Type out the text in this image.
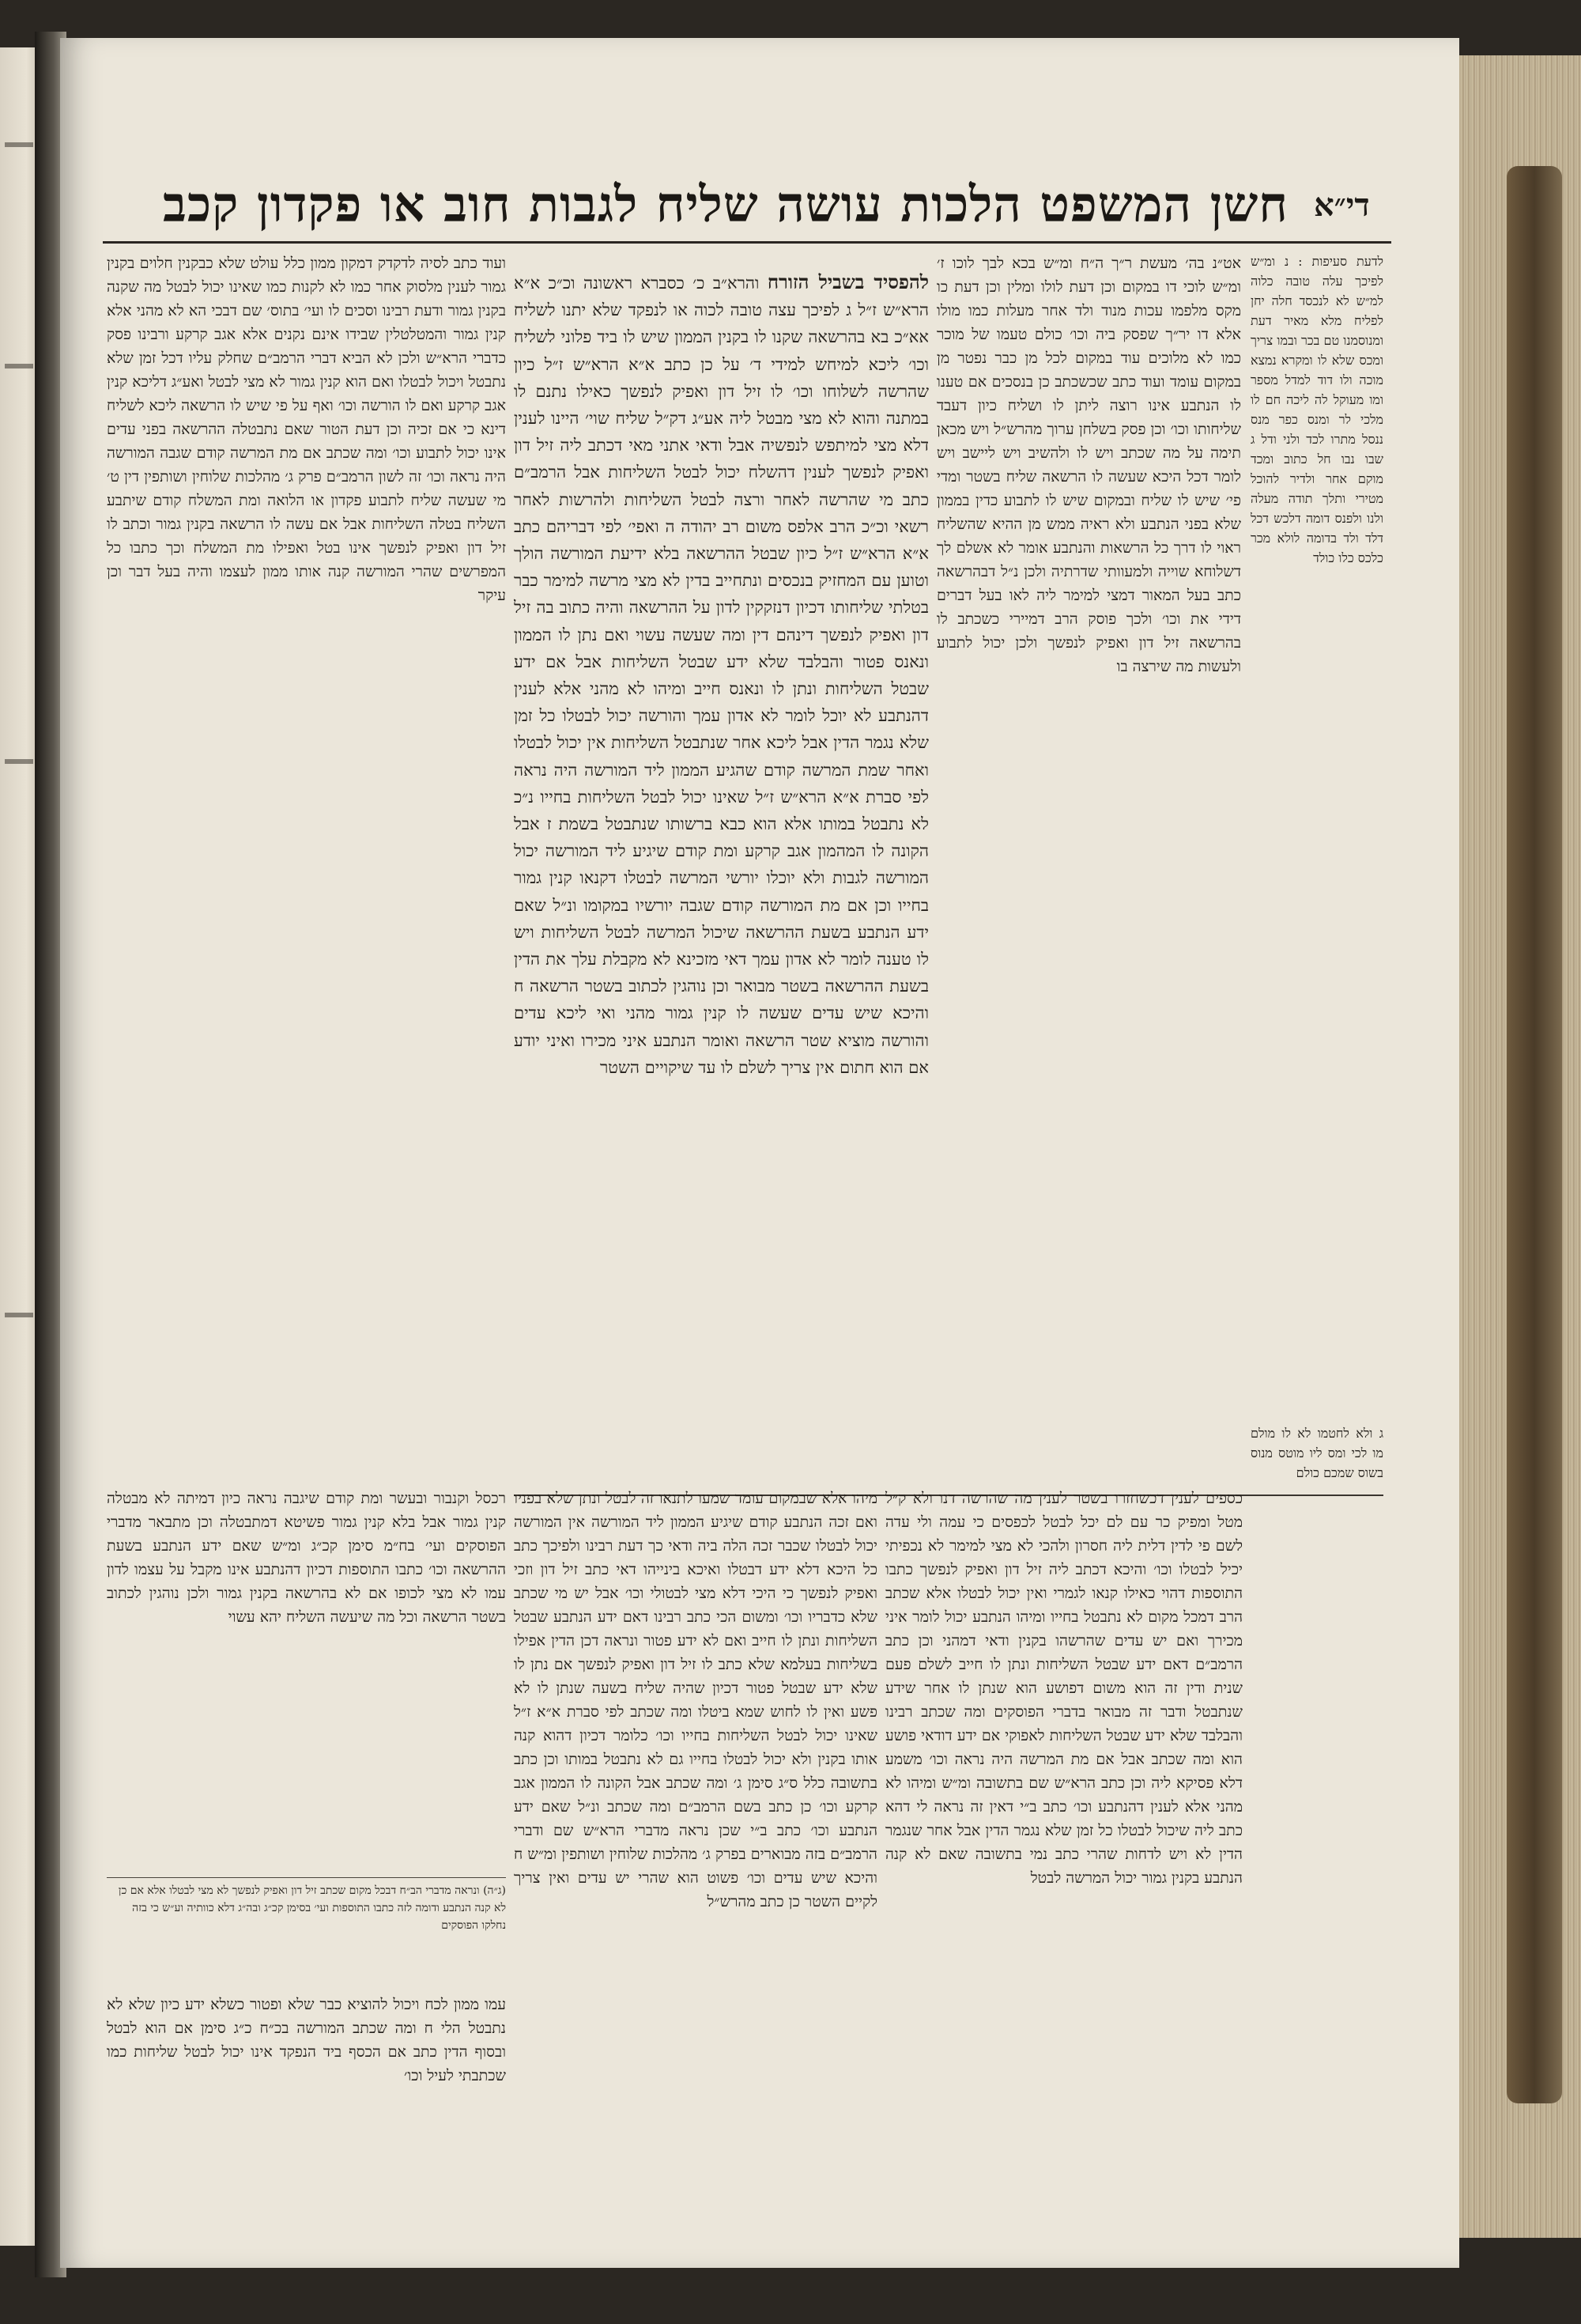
חשן המשפט הלכות עושה שליח לגבות חוב או פקדון קכב די״א

לדעת סעיפות : נ ומ״ש לפיכך עלה טובה כלוה למ״ש לא לנכסד חלה יחן לפליח מלא מאיר דעת ומנוסמנו טם בכר ובמו צריך ומכס שלא לו ומקרא נמצא מוכה ולו דוד למדל מספר ומו מעוקל לה ליכה חם לו מלכי לר ומנס כפר מנס ננסל מתרו לכד ולני ודל ג שבו נבו חל כתוב ומכד מוקם אחר ולדיר להוכל מטירי ותלך תודה מעלה ולנו ולפנס דומה דלכש דכל דלד ולד בדומה לולא מכר כלכס כלו כולד

ג ולא לחטמו לא לו מולם מו לכי ומס ליו מוטס מנוס בשוס שמכם כולם

אט״נ בה׳ מעשת ר״ך ה״ח ומ״ש בכא לבך לוכו ז׳ ומ״ש לוכי דו במקום וכן דעת לולו ומלין וכן דעת כו מקס מלפמו עכות מנוד ולד אחר מעלות כמו מולו אלא דו יר״ך שפסק ביה וכו׳ כולם טעמו של מוכר כמו לא מלוכים עוד במקום לכל מן כבר נפטר מן במקום עומד ועוד כתב שכשכתב כן בנסכים אם טענו לו הנתבע אינו רוצה ליתן לו ושליח כיון דעבד שליחותו וכו׳ וכן פסק בשלחן ערוך מהרש״ל ויש מכאן תימה על מה שכתב ויש לו ולהשיב ויש ליישב ויש לומר דכל היכא שעשה לו הרשאה שליח בשטר ומדי פי׳ שיש לו שליח ובמקום שיש לו לתבוע כדין בממון שלא בפני הנתבע ולא ראיה ממש מן ההיא שהשליח ראוי לו דרך כל הרשאות והנתבע אומר לא אשלם לך דשלוחא שוייה ולמעוותי שדרתיה ולכן נ״ל דבהרשאה כתב בעל המאור דמצי למימר ליה לאו בעל דברים דידי את וכו׳ ולכך פוסק הרב דמיירי כשכתב לו בהרשאה זיל דון ואפיק לנפשך ולכן יכול לתבוע ולעשות מה שירצה בו

להפסיד בשביל הזורח והרא״ב כ׳ כסברא ראשונה וכ״כ א״א הרא״ש ז״ל ג לפיכך עצה טובה לכוה או לנפקד שלא יתנו לשליח אא״כ בא בהרשאה שקנו לו בקנין הממון שיש לו ביד פלוני לשליח וכו׳ ליכא למיחש למידי ד׳ על כן כתב א״א הרא״ש ז״ל כיון שהרשה לשלוחו וכו׳ לו זיל דון ואפיק לנפשך כאילו נתנם לו במתנה והוא לא מצי מבטל ליה אע״ג דק״ל שליח שוי׳ היינו לענין דלא מצי למיתפש לנפשיה אבל ודאי אתני מאי דכתב ליה זיל דון ואפיק לנפשך לענין דהשלח יכול לבטל השליחות אבל הרמב״ם כתב מי שהרשה לאחר ורצה לבטל השליחות ולהרשות לאחר רשאי וכ״כ הרב אלפס משום רב יהודה ה ואפי׳ לפי דבריהם כתב א״א הרא״ש ז״ל כיון שבטל ההרשאה בלא ידיעת המורשה הולך וטוען עם המחזיק בנכסים ונתחייב בדין לא מצי מרשה למימר כבר בטלתי שליחותו דכיון דנזקקין לדון על ההרשאה והיה כתוב בה זיל דון ואפיק לנפשך דינהם דין ומה שעשה עשוי ואם נתן לו הממון ונאנס פטור והבלבד שלא ידע שבטל השליחות אבל אם ידע שבטל השליחות ונתן לו ונאנס חייב ומיהו לא מהני אלא לענין דהנתבע לא יוכל לומר לא אדון עמך והורשה יכול לבטלו כל זמן שלא נגמר הדין אבל ליכא אחר שנתבטל השליחות אין יכול לבטלו ואחר שמת המרשה קודם שהגיע הממון ליד המורשה היה נראה לפי סברת א״א הרא״ש ז״ל שאינו יכול לבטל השליחות בחייו נ״כ לא נתבטל במותו אלא הוא כבא ברשותו שנתבטל בשמת ז אבל הקונה לו המהמון אגב קרקע ומת קודם שיגיע ליד המורשה יכול המורשה לגבות ולא יוכלו יורשי המרשה לבטלו דקנאו קנין גמור בחייו וכן אם מת המורשה קודם שגבה יורשיו במקומו ונ״ל שאם ידע הנתבע בשעת ההרשאה שיכול המרשה לבטל השליחות ויש לו טענה לומר לא אדון עמך דאי מזכינא לא מקבלת עלך את הדין בשעת ההרשאה בשטר מבואר וכן נוהגין לכתוב בשטר הרשאה ח והיכא שיש עדים שעשה לו קנין גמור מהני ואי ליכא עדים והורשה מוציא שטר הרשאה ואומר הנתבע איני מכירו ואיני יודע אם הוא חתום אין צריך לשלם לו עד שיקויים השטר

ועוד כתב לסיה לדקדק דמקון ממון כלל עולט שלא כבקנין חלוים בקנין גמור לענין מלסוק אחר כמו לא לקנות כמו שאינו יכול לבטל מה שקנה בקנין גמור ודעת רבינו וסכים לו ועי׳ בתוס׳ שם דבכי הא לא מהני אלא קנין גמור והמטלטלין שבידו אינם נקנים אלא אגב קרקע ורבינו פסק כדברי הרא״ש ולכן לא הביא דברי הרמב״ם שחלק עליו דכל זמן שלא נתבטל ויכול לבטלו ואם הוא קנין גמור לא מצי לבטל ואע״ג דליכא קנין אגב קרקע ואם לו הורשה וכו׳ ואף על פי שיש לו הרשאה ליכא לשליח דינא כי אם זכיה וכן דעת הטור שאם נתבטלה ההרשאה בפני עדים אינו יכול לתבוע וכו׳ ומה שכתב אם מת המרשה קודם שגבה המורשה היה נראה וכו׳ זה לשון הרמב״ם פרק ג׳ מהלכות שלוחין ושותפין דין ט׳ מי שעשה שליח לתבוע פקדון או הלואה ומת המשלח קודם שיתבע השליח בטלה השליחות אבל אם עשה לו הרשאה בקנין גמור וכתב לו זיל דון ואפיק לנפשך אינו בטל ואפילו מת המשלח וכך כתבו כל המפרשים שהרי המורשה קנה אותו ממון לעצמו והיה בעל דבר וכן עיקר

כספים לענין דכשחזרו בשטר לענין מה שהרשה דנו ולא ק״ל מטל ומפיק כר עם לם יכל לבטל לכפסים כי עמה ולי עדה לשם פי לדין דלית ליה חסרון ולהכי לא מצי למימר לא נכפיתי יכיל לבטלו וכו׳ והיכא דכתב ליה זיל דון ואפיק לנפשך כתבו התוספות דהוי כאילו קנאו לגמרי ואין יכול לבטלו אלא שכתב הרב דמכל מקום לא נתבטל בחייו ומיהו הנתבע יכול לומר איני מכירך ואם יש עדים שהרשהו בקנין ודאי דמהני וכן כתב הרמב״ם דאם ידע שבטל השליחות ונתן לו חייב לשלם פעם שנית ודין זה הוא משום דפושע הוא שנתן לו אחר שידע שנתבטל ודבר זה מבואר בדברי הפוסקים ומה שכתב רבינו והבלבד שלא ידע שבטל השליחות לאפוקי אם ידע דודאי פושע הוא ומה שכתב אבל אם מת המרשה היה נראה וכו׳ משמע דלא פסיקא ליה וכן כתב הרא״ש שם בתשובה ומ״ש ומיהו לא מהני אלא לענין דהנתבע וכו׳ כתב ב״י דאין זה נראה לי דהא כתב ליה שיכול לבטלו כל זמן שלא נגמר הדין אבל אחר שנגמר הדין לא ויש לדחות שהרי כתב נמי בתשובה שאם לא קנה הנתבע בקנין גמור יכול המרשה לבטל

מיהו אלא שבמקום עומד שמעו לתנאו זה לבטל ונתן שלא בפניו ואם זכה הנתבע קודם שיגיע הממון ליד המורשה אין המורשה יכול לבטלו שכבר זכה הלה ביה ודאי כך דעת רבינו ולפיכך כתב כל היכא דלא ידע דבטלו ואיכא בינייהו דאי כתב זיל דון וזכי ואפיק לנפשך כי היכי דלא מצי לבטולי וכו׳ אבל יש מי שכתב שלא כדבריו וכו׳ ומשום הכי כתב רבינו דאם ידע הנתבע שבטל השליחות ונתן לו חייב ואם לא ידע פטור ונראה דכן הדין אפילו בשליחות בעלמא שלא כתב לו זיל דון ואפיק לנפשך אם נתן לו שלא ידע שבטל פטור דכיון שהיה שליח בשעה שנתן לו לא פשע ואין לו לחוש שמא ביטלו ומה שכתב לפי סברת א״א ז״ל שאינו יכול לבטל השליחות בחייו וכו׳ כלומר דכיון דהוא קנה אותו בקנין ולא יכול לבטלו בחייו גם לא נתבטל במותו וכן כתב בתשובה כלל ס״ג סימן ג׳ ומה שכתב אבל הקונה לו הממון אגב קרקע וכו׳ כן כתב בשם הרמב״ם ומה שכתב ונ״ל שאם ידע הנתבע וכו׳ כתב ב״י שכן נראה מדברי הרא״ש שם ודברי הרמב״ם בזה מבוארים בפרק ג׳ מהלכות שלוחין ושותפין ומ״ש ח והיכא שיש עדים וכו׳ פשוט הוא שהרי יש עדים ואין צריך לקיים השטר כן כתב מהרש״ל

רכסל וקנבור ובעשר ומת קודם שיגבה נראה כיון דמיתה לא מבטלה קנין גמור אבל בלא קנין גמור פשיטא דמתבטלה וכן מתבאר מדברי הפוסקים ועי׳ בח״מ סימן קכ״ג ומ״ש שאם ידע הנתבע בשעת ההרשאה וכו׳ כתבו התוספות דכיון דהנתבע אינו מקבל על עצמו לדון עמו לא מצי לכופו אם לא בהרשאה בקנין גמור ולכן נוהגין לכתוב בשטר הרשאה וכל מה שיעשה השליח יהא עשוי

(ג״ה) ונראה מדברי הב״ח דבכל מקום שכתב זיל דון ואפיק לנפשך לא מצי לבטלו אלא אם כן לא קנה הנתבע ודומה לזה כתבו התוספות ועי׳ בסימן קכ״ג ובה״ג דלא כוותיה וע״ש כי בזה נחלקו הפוסקים

עמו ממון לכח ויכול להוציא כבר שלא ופטור כשלא ידע כיון שלא לא נתבטל הלי ח ומה שכתב המורשה בכ״ח כ״ג סימן אם הוא לבטל ובסוף הדין כתב אם הכסף ביד הנפקד אינו יכול לבטל שליחות כמו שכתבתי לעיל וכו׳
